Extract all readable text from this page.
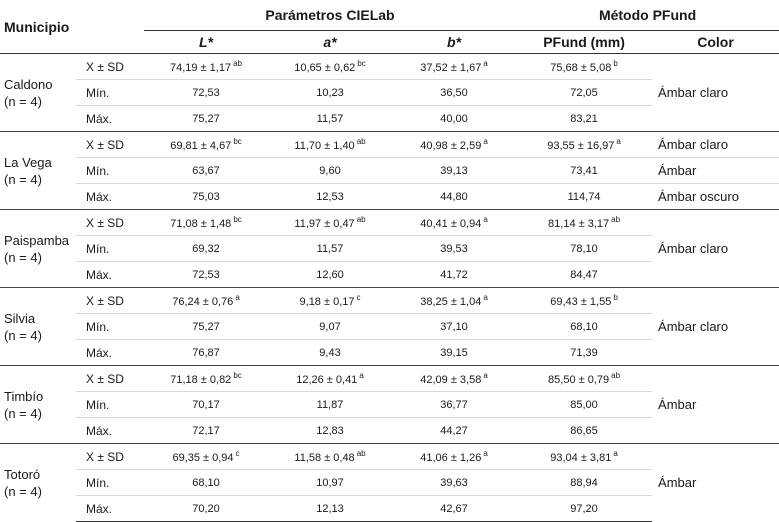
Municipio		Parámetros CIELab			Método PFund	
		L*	a*	b*	PFund (mm)	Color

Caldono
(n = 4)	X ± SD	74,19 ± 1,17 $^{ab}$	10,65 ± 0,62 $^{bc}$	37,52 ± 1,67 $^a$	75,68 ± 5,08 $^b$	Ámbar claro
	Mín.	72,53	10,23	36,50	72,05	
	Máx.	75,27	11,57	40,00	83,21	

La Vega
(n = 4)	X ± SD	69,81 ± 4,67 $^{bc}$	11,70 ± 1,40 $^{ab}$	40,98 ± 2,59 $^a$	93,55 ± 16,97 $^a$	Ámbar claro
	Mín.	63,67	9,60	39,13	73,41	Ámbar
	Máx.	75,03	12,53	44,80	114,74	Ámbar oscuro

Paispamba
(n = 4)	X ± SD	71,08 ± 1,48 $^{bc}$	11,97 ± 0,47 $^{ab}$	40,41 ± 0,94 $^a$	81,14 ± 3,17 $^{ab}$	Ámbar claro
	Mín.	69,32	11,57	39,53	78,10	
	Máx.	72,53	12,60	41,72	84,47	

Silvia
(n = 4)	X ± SD	76,24 ± 0,76 $^a$	9,18 ± 0,17 $^c$	38,25 ± 1,04 $^a$	69,43 ± 1,55 $^b$	Ámbar claro
	Mín.	75,27	9,07	37,10	68,10	
	Máx.	76,87	9,43	39,15	71,39	

Timbío
(n = 4)	X ± SD	71,18 ± 0,82 $^{bc}$	12,26 ± 0,41 $^a$	42,09 ± 3,58 $^a$	85,50 ± 0,79 $^{ab}$	Ámbar
	Mín.	70,17	11,87	36,77	85,00	
	Máx.	72,17	12,83	44,27	86,65	

Totoró
(n = 4)	X ± SD	69,35 ± 0,94 $^c$	11,58 ± 0,48 $^{ab}$	41,06 ± 1,26 $^a$	93,04 ± 3,81 $^a$	Ámbar
	Mín.	68,10	10,97	39,63	88,94	
	Máx.	70,20	12,13	42,67	97,20	
